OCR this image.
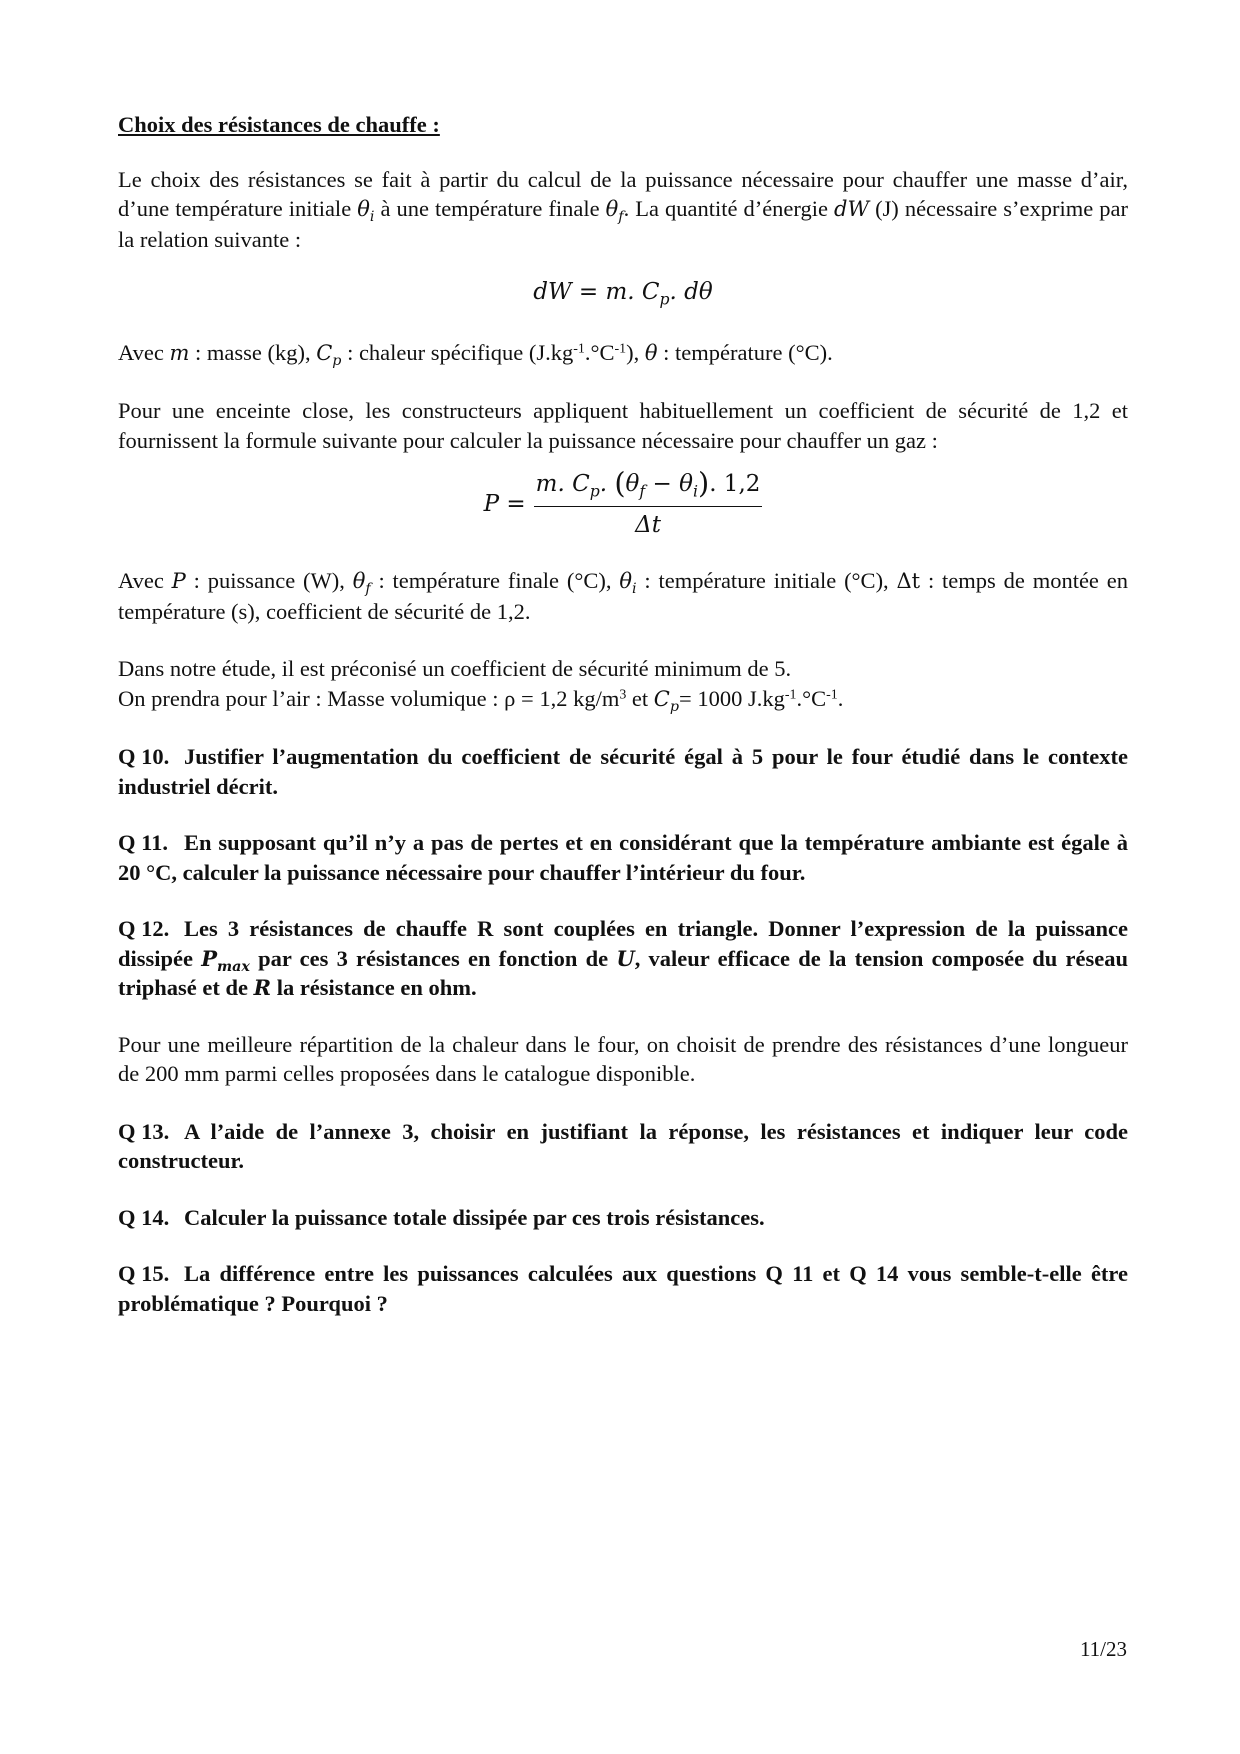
Choix des résistances de chauffe :

Le choix des résistances se fait à partir du calcul de la puissance nécessaire pour chauffer une masse d’air, d’une température initiale $\theta_i$ à une température finale $\theta_f$. La quantité d’énergie dW (J) nécessaire s’exprime par la relation suivante :

dW = m. $C_p$. dθ

Avec m : masse (kg), $C_p$ : chaleur spécifique $(J.kg^{-1}.^\circ C^{-1})$, θ : température (°C).

Pour une enceinte close, les constructeurs appliquent habituellement un coefficient de sécurité de 1,2 et fournissent la formule suivante pour calculer la puissance nécessaire pour chauffer un gaz :

$P = \frac{m. C_p. (\theta_f - \theta_i). 1,2}{\Delta t}$

Avec P : puissance (W), $\theta_f$ : température finale (°C), $\theta_i$ : température initiale (°C), Δt : temps de montée en température (s), coefficient de sécurité de 1,2.

Dans notre étude, il est préconisé un coefficient de sécurité minimum de 5.

On prendra pour l’air : Masse volumique : ρ = 1,2 $kg/m^3$ et $C_p= 1000$ $J.kg^{-1}.^\circ C^{-1}$.

Q 10. Justifier l’augmentation du coefficient de sécurité égal à 5 pour le four étudié dans le contexte industriel décrit.

Q 11. En supposant qu’il n’y a pas de pertes et en considérant que la température ambiante est égale à 20 °C, calculer la puissance nécessaire pour chauffer l’intérieur du four.

Q 12. Les 3 résistances de chauffe R sont couplées en triangle. Donner l’expression de la puissance dissipée $P_{max}$ par ces 3 résistances en fonction de U, valeur efficace de la tension composée du réseau triphasé et de R la résistance en ohm.

Pour une meilleure répartition de la chaleur dans le four, on choisit de prendre des résistances d’une longueur de 200 mm parmi celles proposées dans le catalogue disponible.

Q 13. A l’aide de l’annexe 3, choisir en justifiant la réponse, les résistances et indiquer leur code constructeur.

Q 14. Calculer la puissance totale dissipée par ces trois résistances.

Q 15. La différence entre les puissances calculées aux questions Q 11 et Q 14 vous semble-t-elle être problématique ? Pourquoi ?

11/23
